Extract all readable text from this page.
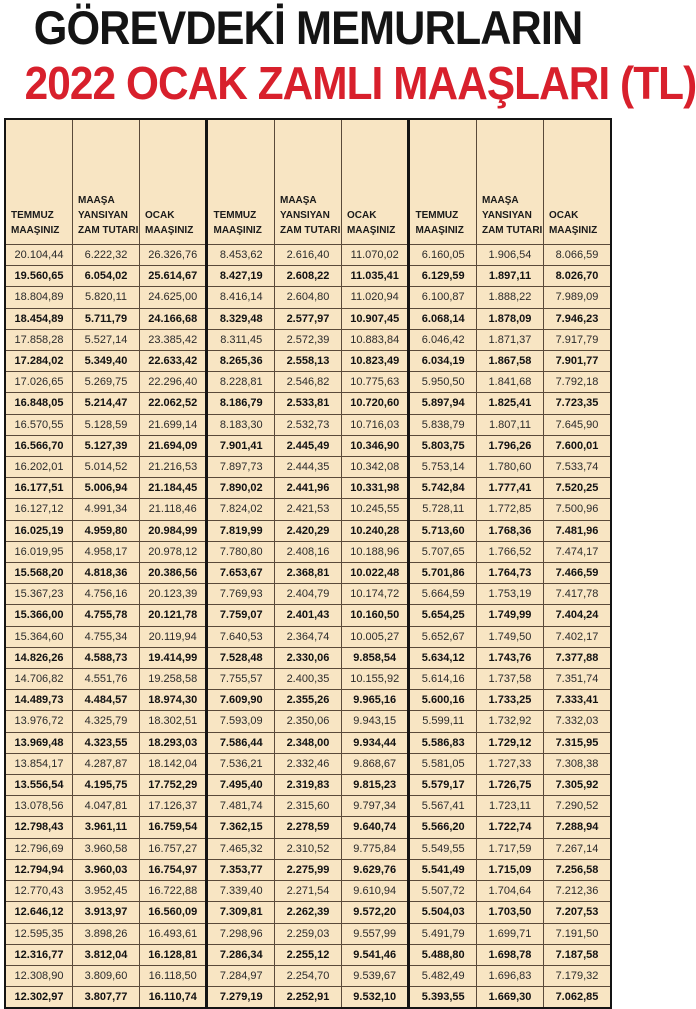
GÖREVDEKİ MEMURLARIN
2022 OCAK ZAMLI MAAŞLARI (TL)
TEMMUZ MAAŞINIZ	MAAŞA YANSIYAN ZAM TUTARI	OCAK MAAŞINIZ	TEMMUZ MAAŞINIZ	MAAŞA YANSIYAN ZAM TUTARI	OCAK MAAŞINIZ	TEMMUZ MAAŞINIZ	MAAŞA YANSIYAN ZAM TUTARI	OCAK MAAŞINIZ
20.104,44	6.222,32	26.326,76	8.453,62	2.616,40	11.070,02	6.160,05	1.906,54	8.066,59
19.560,65	6.054,02	25.614,67	8.427,19	2.608,22	11.035,41	6.129,59	1.897,11	8.026,70
18.804,89	5.820,11	24.625,00	8.416,14	2.604,80	11.020,94	6.100,87	1.888,22	7.989,09
18.454,89	5.711,79	24.166,68	8.329,48	2.577,97	10.907,45	6.068,14	1.878,09	7.946,23
17.858,28	5.527,14	23.385,42	8.311,45	2.572,39	10.883,84	6.046,42	1.871,37	7.917,79
17.284,02	5.349,40	22.633,42	8.265,36	2.558,13	10.823,49	6.034,19	1.867,58	7.901,77
17.026,65	5.269,75	22.296,40	8.228,81	2.546,82	10.775,63	5.950,50	1.841,68	7.792,18
16.848,05	5.214,47	22.062,52	8.186,79	2.533,81	10.720,60	5.897,94	1.825,41	7.723,35
16.570,55	5.128,59	21.699,14	8.183,30	2.532,73	10.716,03	5.838,79	1.807,11	7.645,90
16.566,70	5.127,39	21.694,09	7.901,41	2.445,49	10.346,90	5.803,75	1.796,26	7.600,01
16.202,01	5.014,52	21.216,53	7.897,73	2.444,35	10.342,08	5.753,14	1.780,60	7.533,74
16.177,51	5.006,94	21.184,45	7.890,02	2.441,96	10.331,98	5.742,84	1.777,41	7.520,25
16.127,12	4.991,34	21.118,46	7.824,02	2.421,53	10.245,55	5.728,11	1.772,85	7.500,96
16.025,19	4.959,80	20.984,99	7.819,99	2.420,29	10.240,28	5.713,60	1.768,36	7.481,96
16.019,95	4.958,17	20.978,12	7.780,80	2.408,16	10.188,96	5.707,65	1.766,52	7.474,17
15.568,20	4.818,36	20.386,56	7.653,67	2.368,81	10.022,48	5.701,86	1.764,73	7.466,59
15.367,23	4.756,16	20.123,39	7.769,93	2.404,79	10.174,72	5.664,59	1.753,19	7.417,78
15.366,00	4.755,78	20.121,78	7.759,07	2.401,43	10.160,50	5.654,25	1.749,99	7.404,24
15.364,60	4.755,34	20.119,94	7.640,53	2.364,74	10.005,27	5.652,67	1.749,50	7.402,17
14.826,26	4.588,73	19.414,99	7.528,48	2.330,06	9.858,54	5.634,12	1.743,76	7.377,88
14.706,82	4.551,76	19.258,58	7.755,57	2.400,35	10.155,92	5.614,16	1.737,58	7.351,74
14.489,73	4.484,57	18.974,30	7.609,90	2.355,26	9.965,16	5.600,16	1.733,25	7.333,41
13.976,72	4.325,79	18.302,51	7.593,09	2.350,06	9.943,15	5.599,11	1.732,92	7.332,03
13.969,48	4.323,55	18.293,03	7.586,44	2.348,00	9.934,44	5.586,83	1.729,12	7.315,95
13.854,17	4.287,87	18.142,04	7.536,21	2.332,46	9.868,67	5.581,05	1.727,33	7.308,38
13.556,54	4.195,75	17.752,29	7.495,40	2.319,83	9.815,23	5.579,17	1.726,75	7.305,92
13.078,56	4.047,81	17.126,37	7.481,74	2.315,60	9.797,34	5.567,41	1.723,11	7.290,52
12.798,43	3.961,11	16.759,54	7.362,15	2.278,59	9.640,74	5.566,20	1.722,74	7.288,94
12.796,69	3.960,58	16.757,27	7.465,32	2.310,52	9.775,84	5.549,55	1.717,59	7.267,14
12.794,94	3.960,03	16.754,97	7.353,77	2.275,99	9.629,76	5.541,49	1.715,09	7.256,58
12.770,43	3.952,45	16.722,88	7.339,40	2.271,54	9.610,94	5.507,72	1.704,64	7.212,36
12.646,12	3.913,97	16.560,09	7.309,81	2.262,39	9.572,20	5.504,03	1.703,50	7.207,53
12.595,35	3.898,26	16.493,61	7.298,96	2.259,03	9.557,99	5.491,79	1.699,71	7.191,50
12.316,77	3.812,04	16.128,81	7.286,34	2.255,12	9.541,46	5.488,80	1.698,78	7.187,58
12.308,90	3.809,60	16.118,50	7.284,97	2.254,70	9.539,67	5.482,49	1.696,83	7.179,32
12.302,97	3.807,77	16.110,74	7.279,19	2.252,91	9.532,10	5.393,55	1.669,30	7.062,85
